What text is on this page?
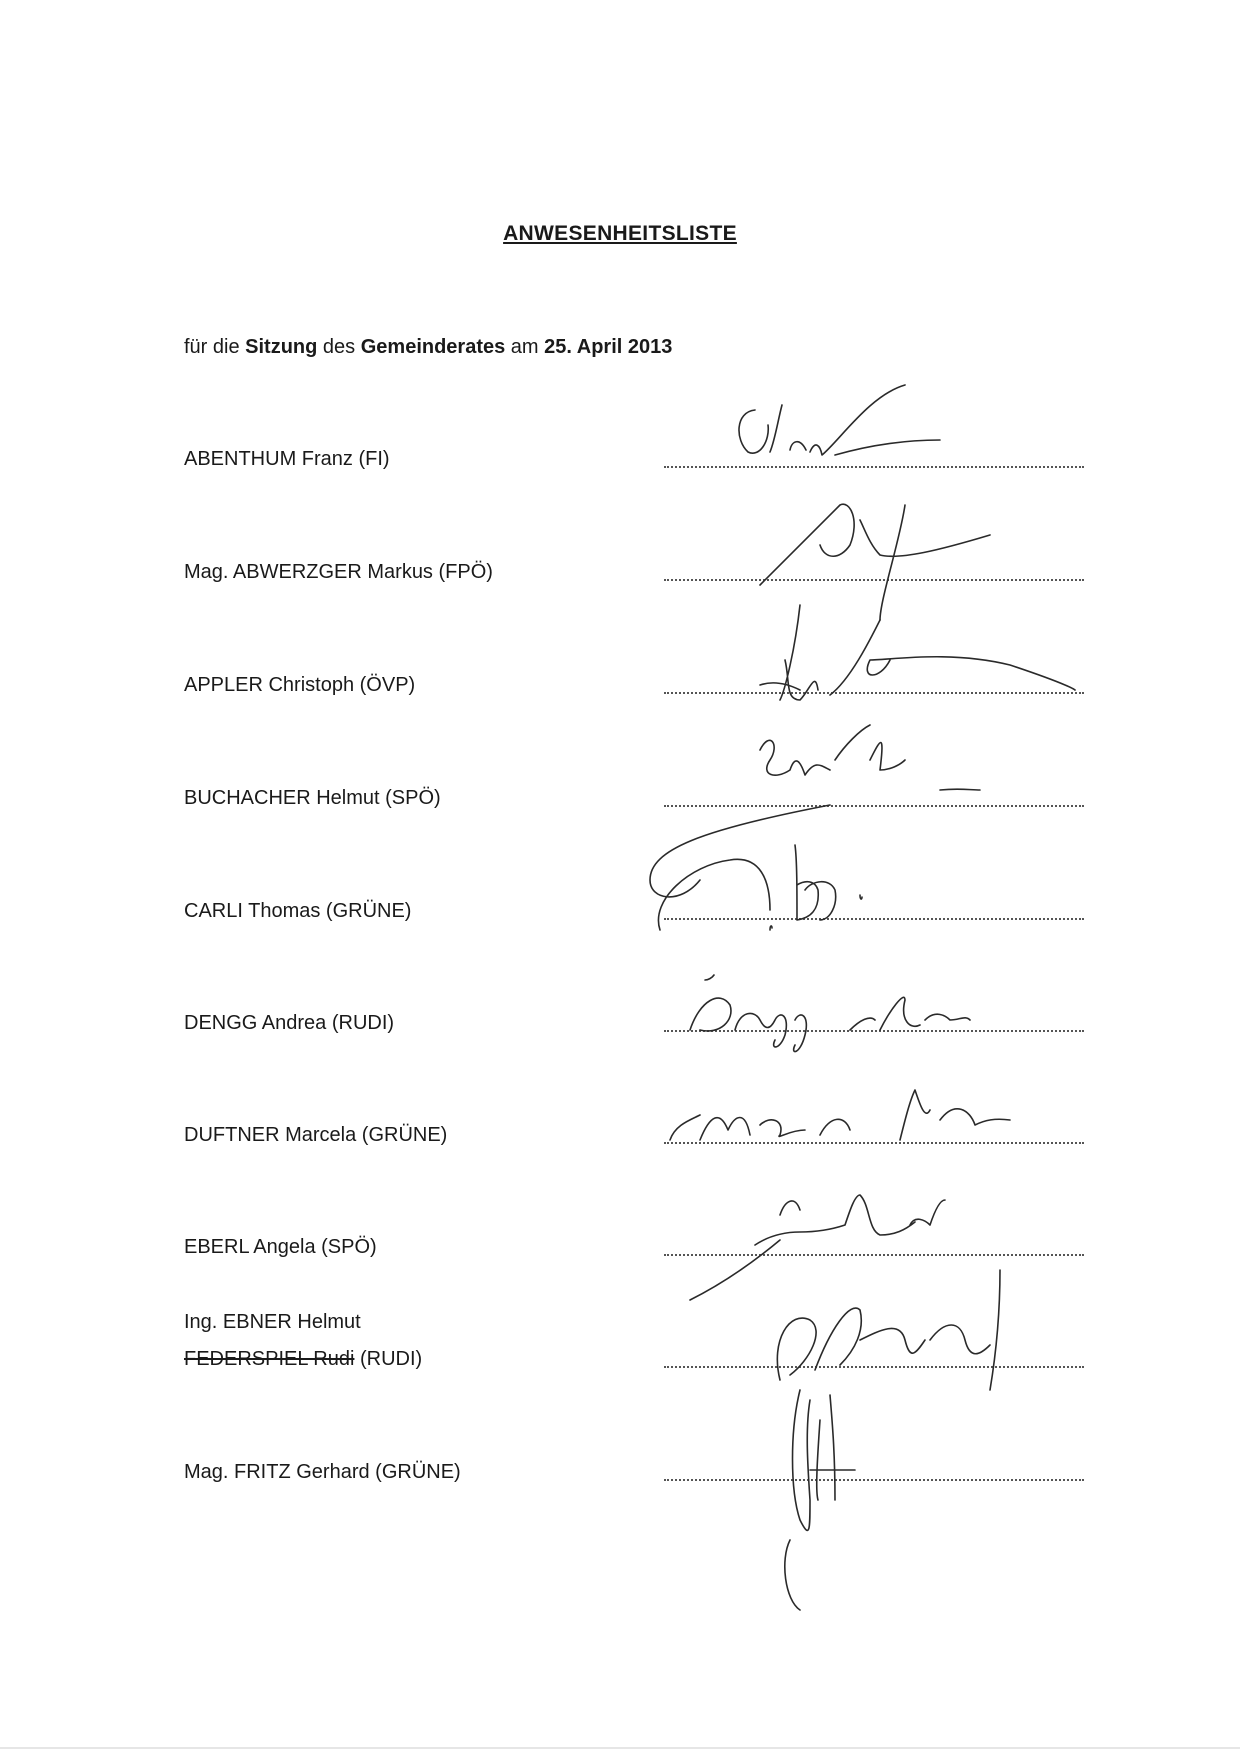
ANWESENHEITSLISTE
für die Sitzung des Gemeinderates am 25. April 2013
ABENTHUM Franz (FI)
Mag. ABWERZGER Markus (FPÖ)
APPLER Christoph (ÖVP)
BUCHACHER Helmut (SPÖ)
CARLI Thomas (GRÜNE)
DENGG Andrea (RUDI)
DUFTNER Marcela (GRÜNE)
EBERL Angela (SPÖ)
Ing. EBNER Helmut
FEDERSPIEL Rudi (RUDI)
Mag. FRITZ Gerhard (GRÜNE)
